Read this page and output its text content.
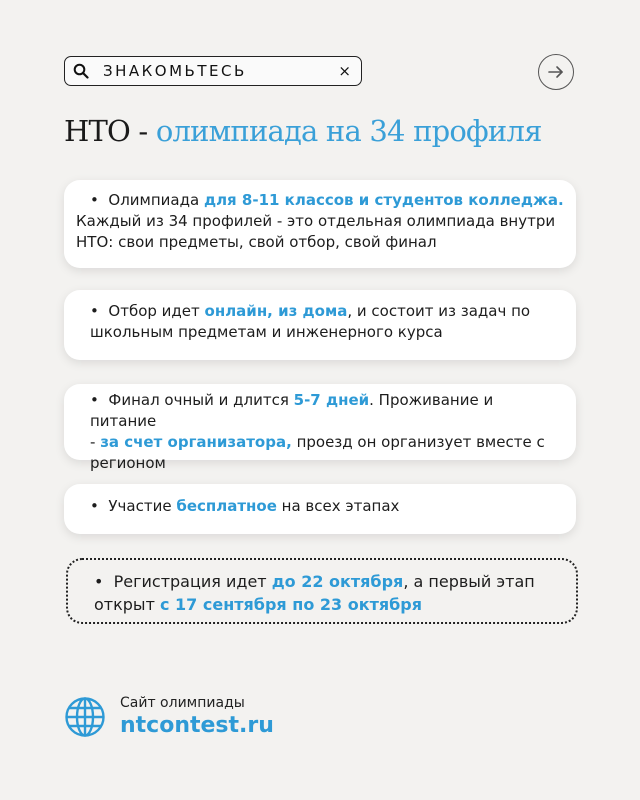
ЗНАКОМЬТЕСЬ	×
НТО - олимпиада на 34 профиля

• Олимпиада для 8-11 классов и студентов колледжа.

Каждый из 34 профилей - это отдельная олимпиада внутри НТО: свои предметы, свой отбор, свой финал

• Отбор идет онлайн, из дома, и состоит из задач по школьным предметам и инженерного курса

• Финал очный и длится 5-7 дней. Проживание и питание

- за счет организатора, проезд он организует вместе с регионом

• Участие бесплатное на всех этапах

• Регистрация идет до 22 октября, а первый этап открыт с 17 сентября по 23 октября

Сайт олимпиады
ntcontest.ru
